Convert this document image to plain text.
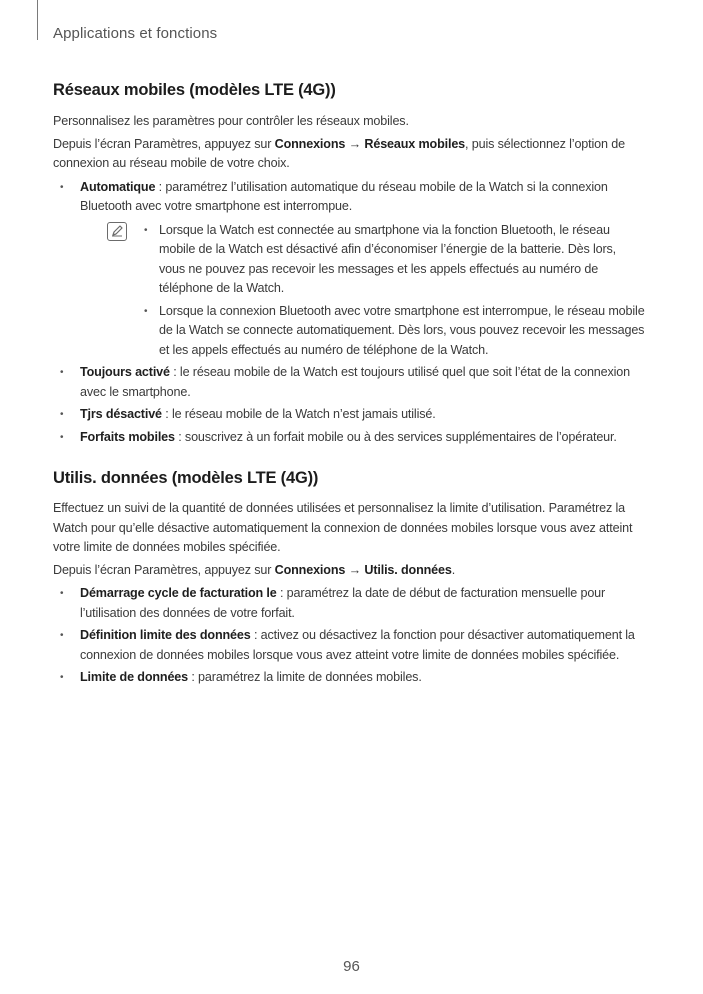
Applications et fonctions
Réseaux mobiles (modèles LTE (4G))

Personnalisez les paramètres pour contrôler les réseaux mobiles.

Depuis l’écran Paramètres, appuyez sur Connexions → Réseaux mobiles, puis sélectionnez l’option de connexion au réseau mobile de votre choix.

• Automatique : paramétrez l’utilisation automatique du réseau mobile de la Watch si la connexion Bluetooth avec votre smartphone est interrompue.
• Lorsque la Watch est connectée au smartphone via la fonction Bluetooth, le réseau mobile de la Watch est désactivé afin d’économiser l’énergie de la batterie. Dès lors, vous ne pouvez pas recevoir les messages et les appels effectués au numéro de téléphone de la Watch.
• Lorsque la connexion Bluetooth avec votre smartphone est interrompue, le réseau mobile de la Watch se connecte automatiquement. Dès lors, vous pouvez recevoir les messages et les appels effectués au numéro de téléphone de la Watch.
• Toujours activé : le réseau mobile de la Watch est toujours utilisé quel que soit l’état de la connexion avec le smartphone.
• Tjrs désactivé : le réseau mobile de la Watch n’est jamais utilisé.
• Forfaits mobiles : souscrivez à un forfait mobile ou à des services supplémentaires de l’opérateur.
Utilis. données (modèles LTE (4G))

Effectuez un suivi de la quantité de données utilisées et personnalisez la limite d’utilisation. Paramétrez la Watch pour qu’elle désactive automatiquement la connexion de données mobiles lorsque vous avez atteint votre limite de données mobiles spécifiée.

Depuis l’écran Paramètres, appuyez sur Connexions → Utilis. données.

• Démarrage cycle de facturation le : paramétrez la date de début de facturation mensuelle pour l’utilisation des données de votre forfait.
• Définition limite des données : activez ou désactivez la fonction pour désactiver automatiquement la connexion de données mobiles lorsque vous avez atteint votre limite de données mobiles spécifiée.
• Limite de données : paramétrez la limite de données mobiles.
96
